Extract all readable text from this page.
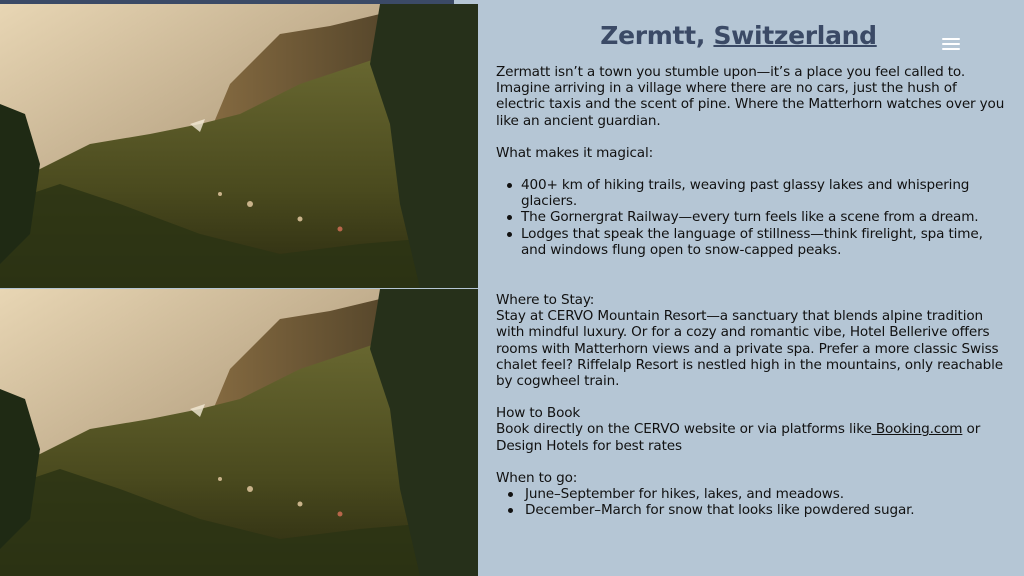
Zermtt, Switzerland

Zermatt isn’t a town you stumble upon—it’s a place you feel called to. Imagine arriving in a village where there are no cars, just the hush of electric taxis and the scent of pine. Where the Matterhorn watches over you like an ancient guardian.

What makes it magical:

400+ km of hiking trails, weaving past glassy lakes and whispering glaciers.
The Gornergrat Railway—every turn feels like a scene from a dream.
Lodges that speak the language of stillness—think firelight, spa time, and windows flung open to snow-capped peaks.

Where to Stay:

Stay at CERVO Mountain Resort—a sanctuary that blends alpine tradition with mindful luxury. Or for a cozy and romantic vibe, Hotel Bellerive offers rooms with Matterhorn views and a private spa. Prefer a more classic Swiss chalet feel? Riffelalp Resort is nestled high in the mountains, only reachable by cogwheel train.

How to Book

Book directly on the CERVO website or via platforms like Booking.com or Design Hotels for best rates

When to go:

June–September for hikes, lakes, and meadows.
December–March for snow that looks like powdered sugar.
